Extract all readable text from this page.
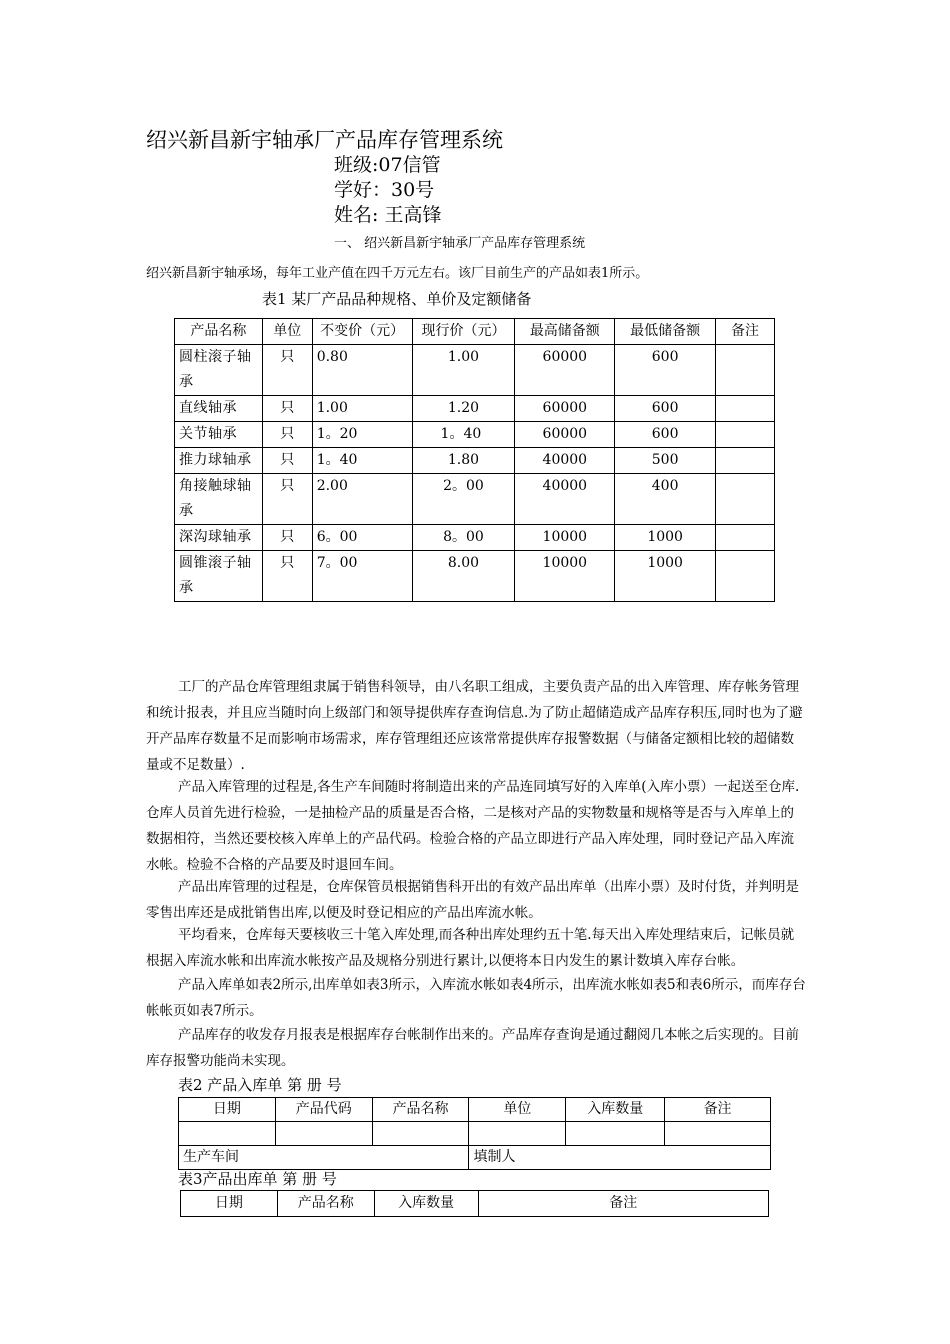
绍兴新昌新宇轴承厂产品库存管理系统
班级:07信管
学好：30号
姓名: 王高锋
一、 绍兴新昌新宇轴承厂产品库存管理系统
绍兴新昌新宇轴承场，每年工业产值在四千万元左右。该厂目前生产的产品如表1所示。
表1 某厂产品品种规格、单价及定额储备
产品名称	单位	不变价（元）	现行价（元）	最高储备额	最低储备额	备注
圆柱滚子轴承	只	0.80	1.00	60000	600	
直线轴承	只	1.00	1.20	60000	600	
关节轴承	只	1。20	1。40	60000	600	
推力球轴承	只	1。40	1.80	40000	500	
角接触球轴承	只	2.00	2。00	40000	400	
深沟球轴承	只	6。00	8。00	10000	1000	
圆锥滚子轴承	只	7。00	8.00	10000	1000	
工厂的产品仓库管理组隶属于销售科领导，由八名职工组成，主要负责产品的出入库管理、库存帐务管理和统计报表，并且应当随时向上级部门和领导提供库存查询信息.为了防止超储造成产品库存积压,同时也为了避开产品库存数量不足而影响市场需求，库存管理组还应该常常提供库存报警数据（与储备定额相比较的超储数量或不足数量）.
产品入库管理的过程是,各生产车间随时将制造出来的产品连同填写好的入库单(入库小票）一起送至仓库.仓库人员首先进行检验，一是抽检产品的质量是否合格，二是核对产品的实物数量和规格等是否与入库单上的数据相符，当然还要校核入库单上的产品代码。检验合格的产品立即进行产品入库处理，同时登记产品入库流水帐。检验不合格的产品要及时退回车间。
产品出库管理的过程是，仓库保管员根据销售科开出的有效产品出库单（出库小票）及时付货，并判明是零售出库还是成批销售出库,以便及时登记相应的产品出库流水帐。
平均看来，仓库每天要核收三十笔入库处理,而各种出库处理约五十笔.每天出入库处理结束后，记帐员就根据入库流水帐和出库流水帐按产品及规格分别进行累计,以便将本日内发生的累计数填入库存台帐。
产品入库单如表2所示,出库单如表3所示，入库流水帐如表4所示，出库流水帐如表5和表6所示，而库存台帐帐页如表7所示。
产品库存的收发存月报表是根据库存台帐制作出来的。产品库存查询是通过翻阅几本帐之后实现的。目前库存报警功能尚未实现。
表2 产品入库单 第 册 号
日期	产品代码	产品名称	单位	入库数量	备注

生产车间			填制人		
表3产品出库单 第 册 号
日期	产品名称	入库数量	备注
